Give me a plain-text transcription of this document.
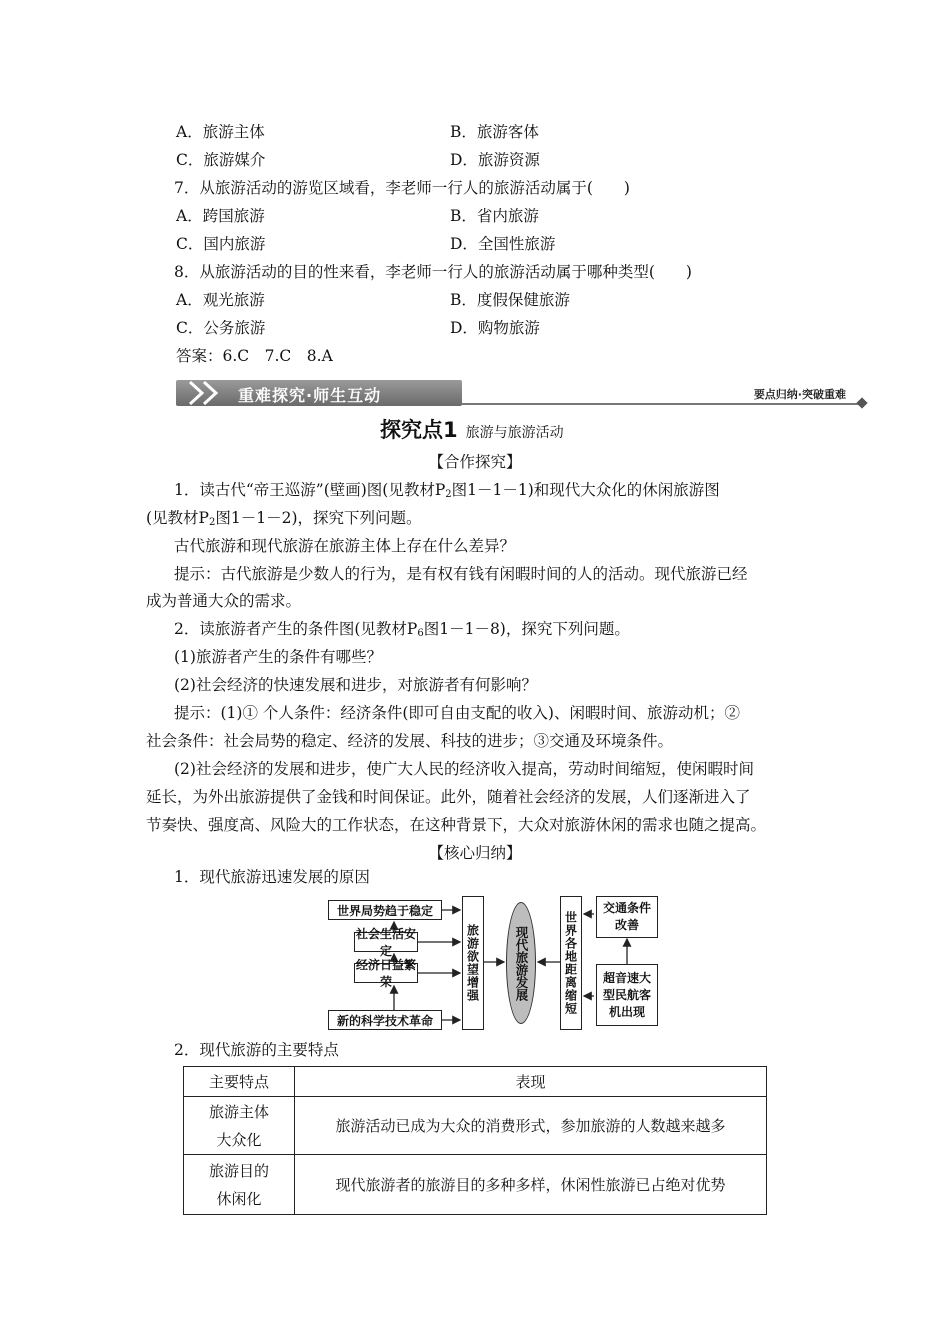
A．旅游主体	B．旅游客体
C．旅游媒介	D．旅游资源
7．从旅游活动的游览区域看，李老师一行人的旅游活动属于(　　)
A．跨国旅游	B．省内旅游
C．国内旅游	D．全国性旅游
8．从旅游活动的目的性来看，李老师一行人的旅游活动属于哪种类型(　　)
A．观光旅游	B．度假保健旅游
C．公务旅游	D．购物旅游
答案：6.C　7.C　8.A
重难探究·师生互动	要点归纳·突破重难
探究点1 旅游与旅游活动
【合作探究】
1．读古代“帝王巡游”(壁画)图(见教材$P_2$图1－1－1)和现代大众化的休闲旅游图
(见教材$P_2$图1－1－2)，探究下列问题。
古代旅游和现代旅游在旅游主体上存在什么差异？
提示：古代旅游是少数人的行为，是有权有钱有闲暇时间的人的活动。现代旅游已经
成为普通大众的需求。
2．读旅游者产生的条件图(见教材$P_6$图1－1－8)，探究下列问题。
(1)旅游者产生的条件有哪些？
(2)社会经济的快速发展和进步，对旅游者有何影响？
提示：(1)① 个人条件：经济条件(即可自由支配的收入)、闲暇时间、旅游动机；②
社会条件：社会局势的稳定、经济的发展、科技的进步；③交通及环境条件。
(2)社会经济的发展和进步，使广大人民的经济收入提高，劳动时间缩短，使闲暇时间
延长，为外出旅游提供了金钱和时间保证。此外，随着社会经济的发展，人们逐渐进入了
节奏快、强度高、风险大的工作状态，在这种背景下，大众对旅游休闲的需求也随之提高。
【核心归纳】
1．现代旅游迅速发展的原因
世界局势趋于稳定
社会生活安定
经济日益繁荣
新的科学技术革命
旅游欲望增强	现代旅游发展	世界各地距离缩短
交通条件改善
超音速大型民航客机出现
2．现代旅游的主要特点
主要特点	表现

旅游主体
大众化	旅游活动已成为大众的消费形式，参加旅游的人数越来越多

旅游目的
休闲化	现代旅游者的旅游目的多种多样，休闲性旅游已占绝对优势
